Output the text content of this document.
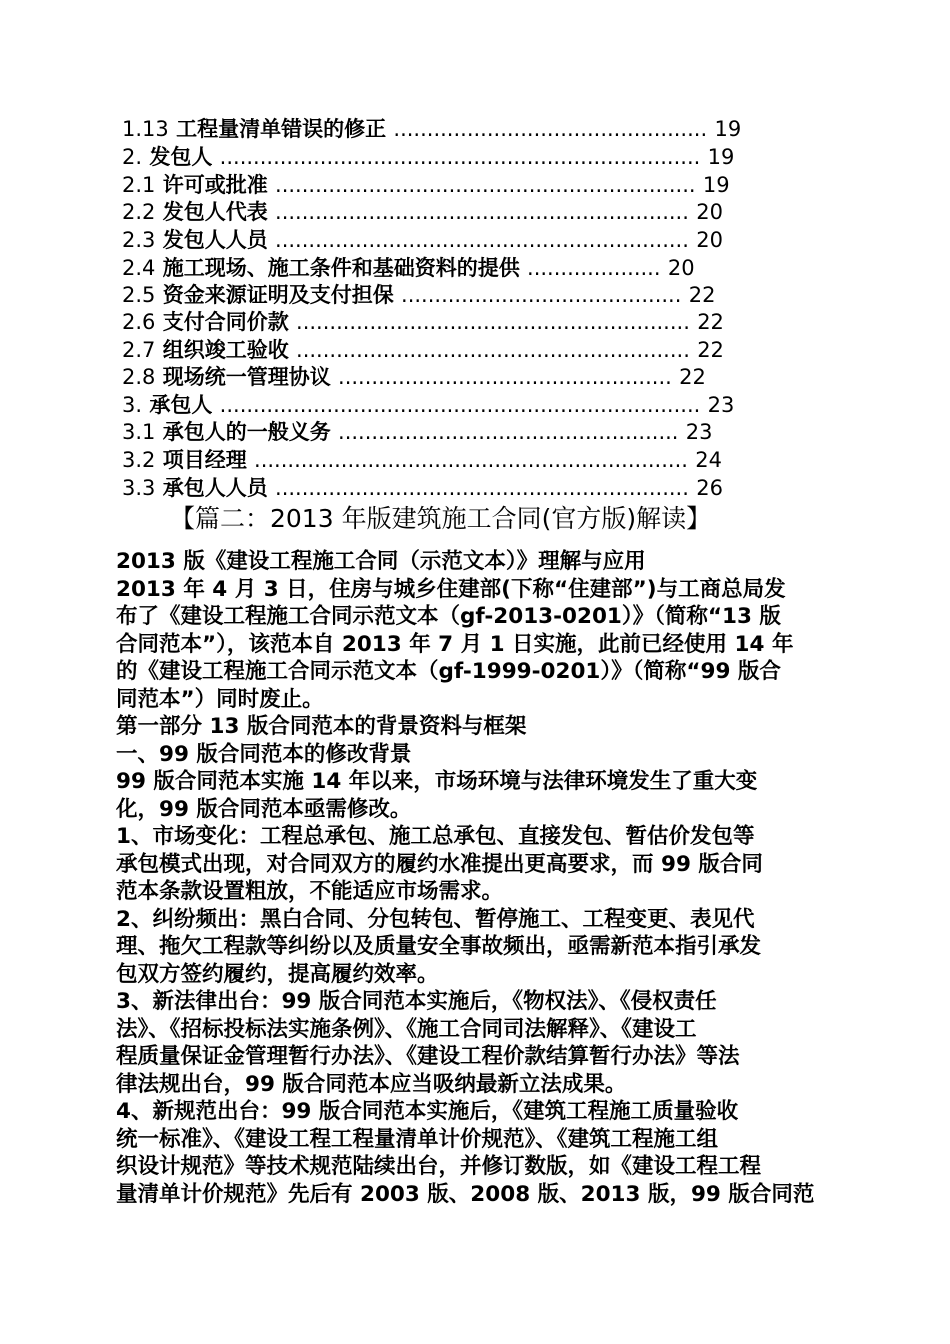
1.13 工程量清单错误的修正 ............................................... 19
2. 发包人 ........................................................................ 19
2.1 许可或批准 ............................................................... 19
2.2 发包人代表 .............................................................. 20
2.3 发包人人员 .............................................................. 20
2.4 施工现场、施工条件和基础资料的提供 .................... 20
2.5 资金来源证明及支付担保 .......................................... 22
2.6 支付合同价款 ........................................................... 22
2.7 组织竣工验收 ........................................................... 22
2.8 现场统一管理协议 .................................................. 22
3. 承包人 ........................................................................ 23
3.1 承包人的一般义务 ................................................... 23
3.2 项目经理 ................................................................. 24
3.3 承包人人员 .............................................................. 26
【篇二：2013 年版建筑施工合同(官方版)解读】

2013 版《建设工程施工合同（示范文本）》理解与应用

2013 年 4 月 3 日，住房与城乡住建部(下称“住建部”)与工商总局发

布了《建设工程施工合同示范文本（gf-2013-0201）》（简称“13 版

合同范本”），该范本自 2013 年 7 月 1 日实施，此前已经使用 14 年

的《建设工程施工合同示范文本（gf-1999-0201）》（简称“99 版合

同范本”）同时废止。

第一部分 13 版合同范本的背景资料与框架

一、99 版合同范本的修改背景

99 版合同范本实施 14 年以来，市场环境与法律环境发生了重大变

化，99 版合同范本亟需修改。

1、市场变化：工程总承包、施工总承包、直接发包、暂估价发包等

承包模式出现，对合同双方的履约水准提出更高要求，而 99 版合同

范本条款设置粗放，不能适应市场需求。

2、纠纷频出：黑白合同、分包转包、暂停施工、工程变更、表见代

理、拖欠工程款等纠纷以及质量安全事故频出，亟需新范本指引承发

包双方签约履约，提高履约效率。

3、新法律出台：99 版合同范本实施后，《物权法》、《侵权责任

法》、《招标投标法实施条例》、《施工合同司法解释》、《建设工

程质量保证金管理暂行办法》、《建设工程价款结算暂行办法》等法

律法规出台，99 版合同范本应当吸纳最新立法成果。

4、新规范出台：99 版合同范本实施后，《建筑工程施工质量验收

统一标准》、《建设工程工程量清单计价规范》、《建筑工程施工组

织设计规范》等技术规范陆续出台，并修订数版，如《建设工程工程

量清单计价规范》先后有 2003 版、2008 版、2013 版，99 版合同范
